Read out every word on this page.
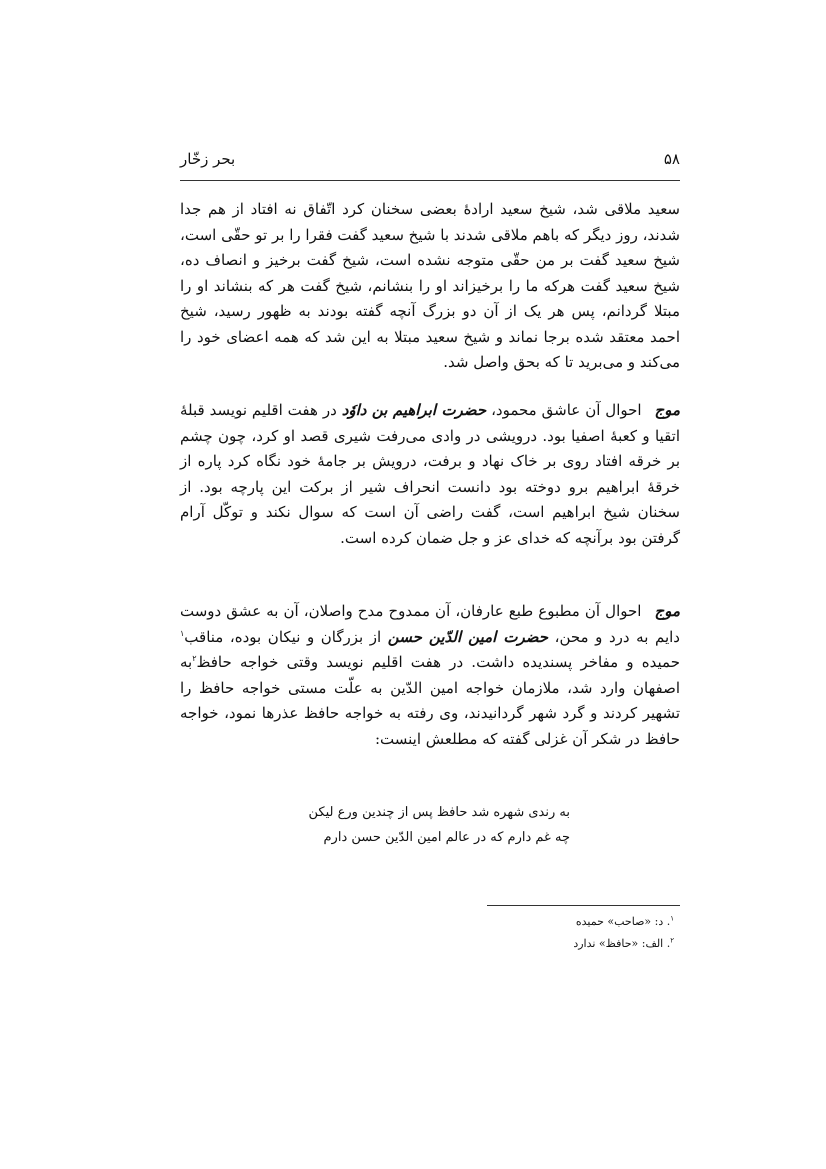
۵۸
بحر زخّار
سعید ملاقی شد، شیخ سعید ارادهٔ بعضی سخنان کرد اتّفاق نه افتاد از هم جدا شدند، روز دیگر که باهم ملاقی شدند با شیخ سعید گفت فقرا را بر تو حقّی است، شیخ سعید گفت بر من حقّی متوجه نشده است، شیخ گفت برخیز و انصاف ده، شیخ سعید گفت هرکه ما را برخیزاند او را بنشانم، شیخ گفت هر که بنشاند او را مبتلا گردانم، پس هر یک از آن دو بزرگ آنچه گفته بودند به ظهور رسید، شیخ احمد معتقد شده برجا نماند و شیخ سعید مبتلا به این شد که همه اعضای خود را می‌کند و می‌برید تا که بحق واصل شد.
موج احوال آن عاشق محمود، حضرت ابراهیم بن داوٗد در هفت اقلیم نویسد قبلهٔ اتقیا و کعبهٔ اصفیا بود. درویشی در وادی می‌رفت شیری قصد او کرد، چون چشم بر خرقه افتاد روی بر خاک نهاد و برفت، درویش بر جامهٔ خود نگاه کرد پاره از خرقهٔ ابراهیم برو دوخته بود دانست انحراف شیر از برکت این پارچه بود. از سخنان شیخ ابراهیم است، گفت راضی آن است که سوال نکند و توکّل آرام گرفتن بود برآنچه که خدای عز و جل ضمان کرده است.
موج احوال آن مطبوع طبع عارفان، آن ممدوح مدح واصلان، آن به عشق دوست دایم به درد و محن، حضرت امین الدّین حسن از بزرگان و نیکان بوده، مناقب$^۱$ حمیده و مفاخر پسندیده داشت. در هفت اقلیم نویسد وقتی خواجه حافظ$^۲$به اصفهان وارد شد، ملازمان خواجه امین الدّین به علّت مستی خواجه حافظ را تشهیر کردند و گرد شهر گردانیدند، وی رفته به خواجه حافظ عذرها نمود، خواجه حافظ در شکر آن غزلی گفته که مطلعش اینست:
به رندی شهره شد حافظ پس از چندین ورع لیکن
چه غم دارم که در عالم امین الدّین حسن دارم
$^۱$. د: «صاحب» حمیده
$^۲$. الف: «حافظ» ندارد
